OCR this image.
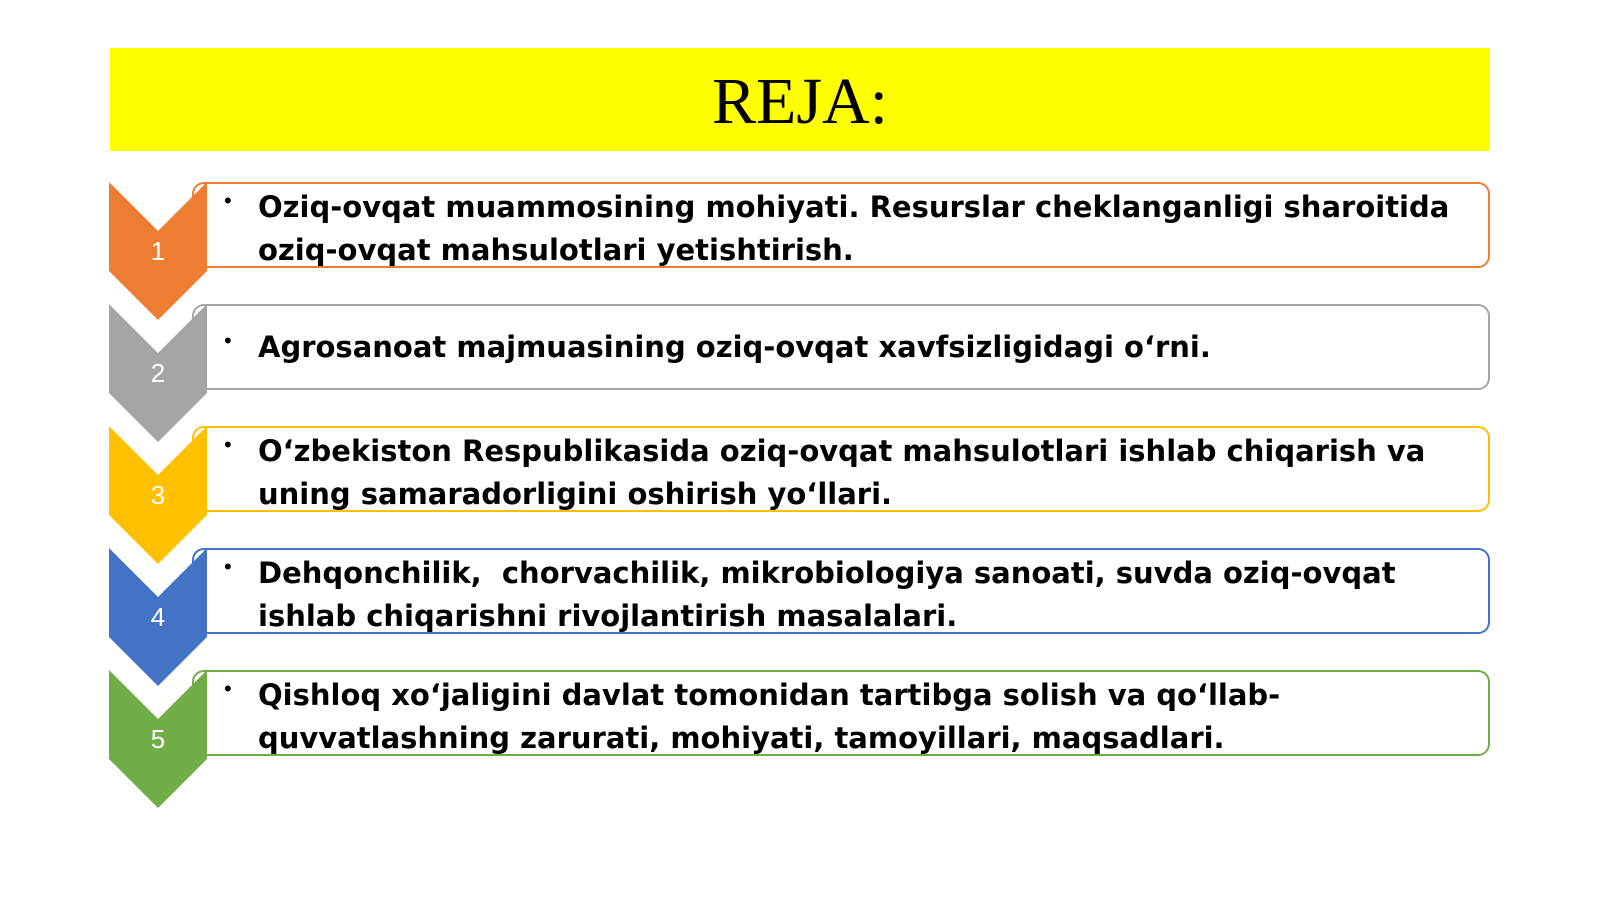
REJA:
• Oziq-ovqat muammosining mohiyati. Resurslar cheklanganligi sharoitida
oziq-ovqat mahsulotlari yetishtirish.
1
• Agrosanoat majmuasining oziq-ovqat xavfsizligidagi o‘rni.
2
• O‘zbekiston Respublikasida oziq-ovqat mahsulotlari ishlab chiqarish va
uning samaradorligini oshirish yo‘llari.
3
• Dehqonchilik,  chorvachilik, mikrobiologiya sanoati, suvda oziq-ovqat
ishlab chiqarishni rivojlantirish masalalari.
4
• Qishloq xo‘jaligini davlat tomonidan tartibga solish va qo‘llab-
quvvatlashning zarurati, mohiyati, tamoyillari, maqsadlari.
5
